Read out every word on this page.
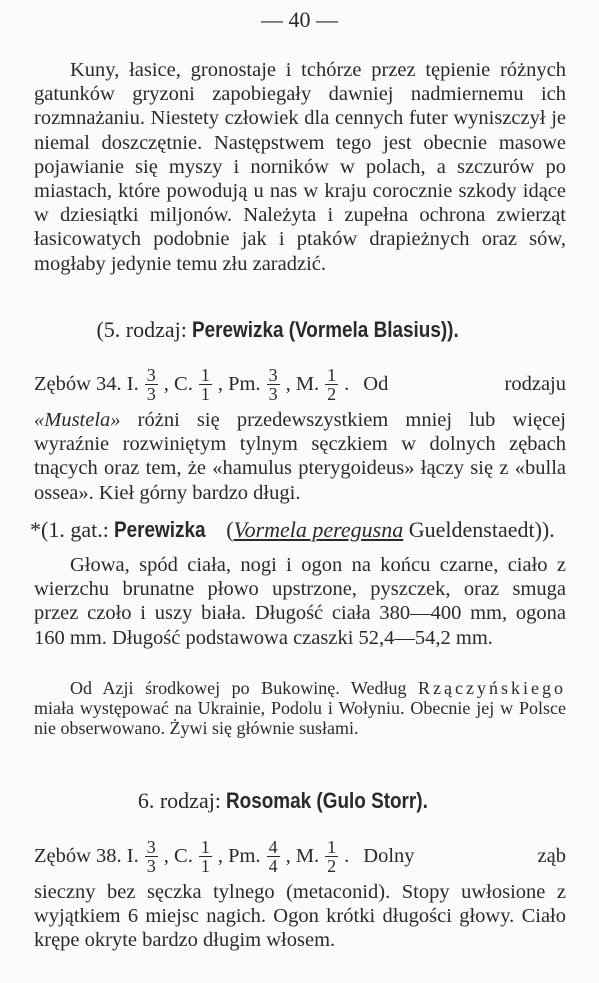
— 40 —

Kuny, łasice, gronostaje i tchórze przez tępienie różnych gatunków gryzoni zapobiegały dawniej nadmiernemu ich rozmnażaniu. Niestety człowiek dla cennych futer wyniszczył je niemal doszczętnie. Następstwem tego jest obecnie masowe pojawianie się myszy i norników w polach, a szczurów po miastach, które powodują u nas w kraju corocznie szkody idące w dziesiątki miljonów. Należyta i zupełna ochrona zwierząt łasicowatych podobnie jak i ptaków drapieżnych oraz sów, mogłaby jedynie temu złu zaradzić.

(5. rodzaj: Perewizka (Vormela Blasius)).
Zębów 34. I. $\frac{3}{3}$ , C. $\frac{1}{1}$ , Pm. $\frac{3}{3}$ , M. $\frac{1}{2}$ . Od	rodzaju

«Mustela» różni się przedewszystkiem mniej lub więcej wyraźnie rozwiniętym tylnym sęczkiem w dolnych zębach tnących oraz tem, że «hamulus pterygoideus» łączy się z «bulla ossea». Kieł górny bardzo długi.

*(1. gat.: Perewizka (Vormela peregusna Gueldenstaedt)).

Głowa, spód ciała, nogi i ogon na końcu czarne, ciało z wierzchu brunatne płowo upstrzone, pyszczek, oraz smuga przez czoło i uszy biała. Długość ciała 380—400 mm, ogona 160 mm. Długość podstawowa czaszki 52,4—54,2 mm.

Od Azji środkowej po Bukowinę. Według Rzączyńskiego miała występować na Ukrainie, Podolu i Wołyniu. Obecnie jej w Polsce nie obserwowano. Żywi się głównie susłami.

6. rodzaj: Rosomak (Gulo Storr).
Zębów 38. I. $\frac{3}{3}$ , C. $\frac{1}{1}$ , Pm. $\frac{4}{4}$ , M. $\frac{1}{2}$ . Dolny	ząb

sieczny bez sęczka tylnego (metaconid). Stopy uwłosione z wyjątkiem 6 miejsc nagich. Ogon krótki długości głowy. Ciało krępe okryte bardzo długim włosem.
